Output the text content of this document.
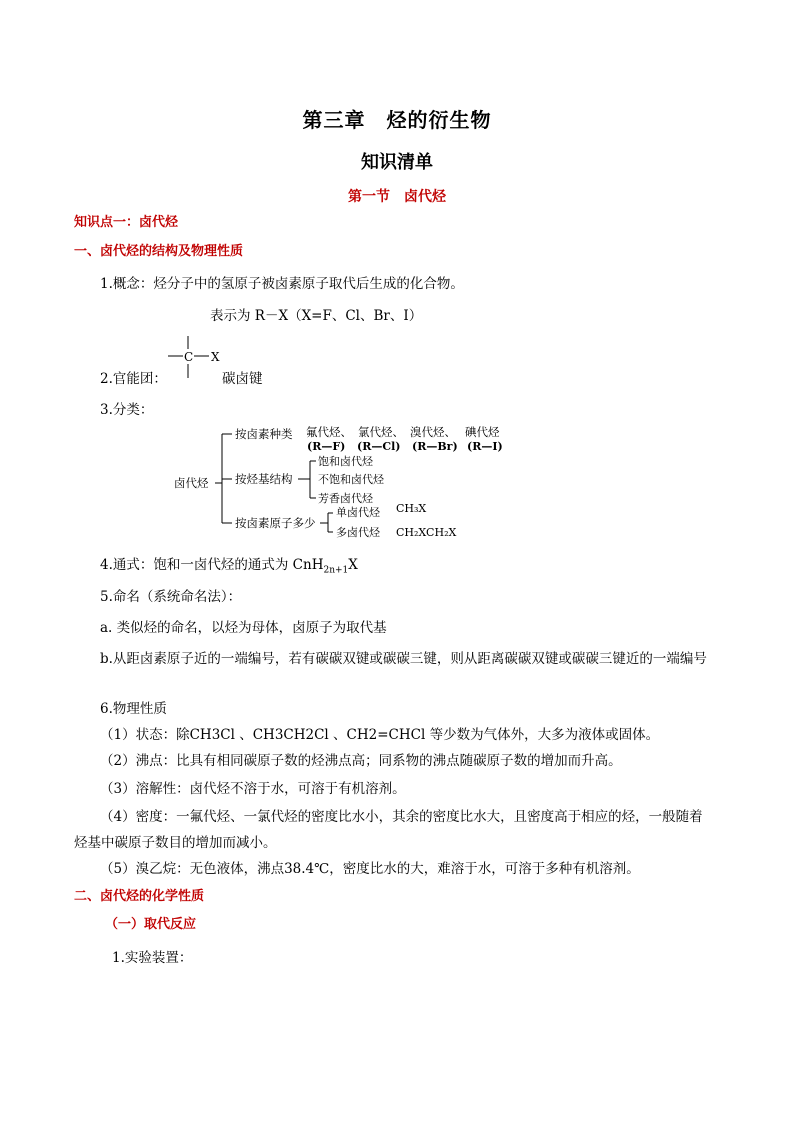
第三章　烃的衍生物
知识清单
第一节　卤代烃
知识点一：卤代烃
一、卤代烃的结构及物理性质
1.概念：烃分子中的氢原子被卤素原子取代后生成的化合物。
表示为 R－X（X=F、Cl、Br、I）
C X
2.官能团：	碳卤键
3.分类：
卤代烃
按卤素种类 氟代烃、 氯代烃、 溴代烃、 碘代烃
(R—F) (R—Cl) (R—Br) (R—I)
按烃基结构
饱和卤代烃
不饱和卤代烃
芳香卤代烃
按卤素原子多少
单卤代烃
多卤代烃
CH₃X
CH₂XCH₂X
4.通式：饱和一卤代烃的通式为 CnH$_{2n+1}$X
5.命名（系统命名法）：
a. 类似烃的命名，以烃为母体，卤原子为取代基
b.从距卤素原子近的一端编号，若有碳碳双键或碳碳三键，则从距离碳碳双键或碳碳三键近的一端编号
6.物理性质
（1）状态：除CH3Cl 、CH3CH2Cl 、CH2=CHCl 等少数为气体外，大多为液体或固体。
（2）沸点：比具有相同碳原子数的烃沸点高；同系物的沸点随碳原子数的增加而升高。
（3）溶解性：卤代烃不溶于水，可溶于有机溶剂。
（4）密度：一氟代烃、一氯代烃的密度比水小，其余的密度比水大，且密度高于相应的烃，一般随着
烃基中碳原子数目的增加而减小。
（5）溴乙烷：无色液体，沸点38.4℃，密度比水的大，难溶于水，可溶于多种有机溶剂。
二、卤代烃的化学性质
（一）取代反应
1.实验装置：
